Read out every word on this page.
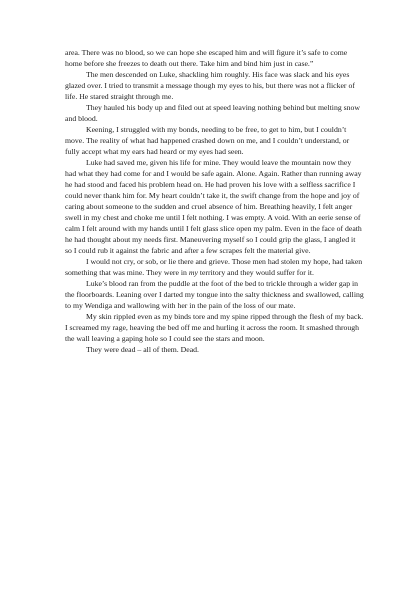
area. There was no blood, so we can hope she escaped him and will figure it’s safe to come home before she freezes to death out there. Take him and bind him just in case.”

The men descended on Luke, shackling him roughly. His face was slack and his eyes glazed over. I tried to transmit a message though my eyes to his, but there was not a flicker of life. He stared straight through me.

They hauled his body up and filed out at speed leaving nothing behind but melting snow and blood.

Keening, I struggled with my bonds, needing to be free, to get to him, but I couldn’t move. The reality of what had happened crashed down on me, and I couldn’t understand, or fully accept what my ears had heard or my eyes had seen.

Luke had saved me, given his life for mine. They would leave the mountain now they had what they had come for and I would be safe again. Alone. Again. Rather than running away he had stood and faced his problem head on. He had proven his love with a selfless sacrifice I could never thank him for. My heart couldn’t take it, the swift change from the hope and joy of caring about someone to the sudden and cruel absence of him. Breathing heavily, I felt anger swell in my chest and choke me until I felt nothing. I was empty. A void. With an eerie sense of calm I felt around with my hands until I felt glass slice open my palm. Even in the face of death he had thought about my needs first. Maneuvering myself so I could grip the glass, I angled it so I could rub it against the fabric and after a few scrapes felt the material give.

I would not cry, or sob, or lie there and grieve. Those men had stolen my hope, had taken something that was mine. They were in my territory and they would suffer for it.

Luke’s blood ran from the puddle at the foot of the bed to trickle through a wider gap in the floorboards. Leaning over I darted my tongue into the salty thickness and swallowed, calling to my Wendiga and wallowing with her in the pain of the loss of our mate.

My skin rippled even as my binds tore and my spine ripped through the flesh of my back. I screamed my rage, heaving the bed off me and hurling it across the room. It smashed through the wall leaving a gaping hole so I could see the stars and moon.

They were dead – all of them. Dead.
